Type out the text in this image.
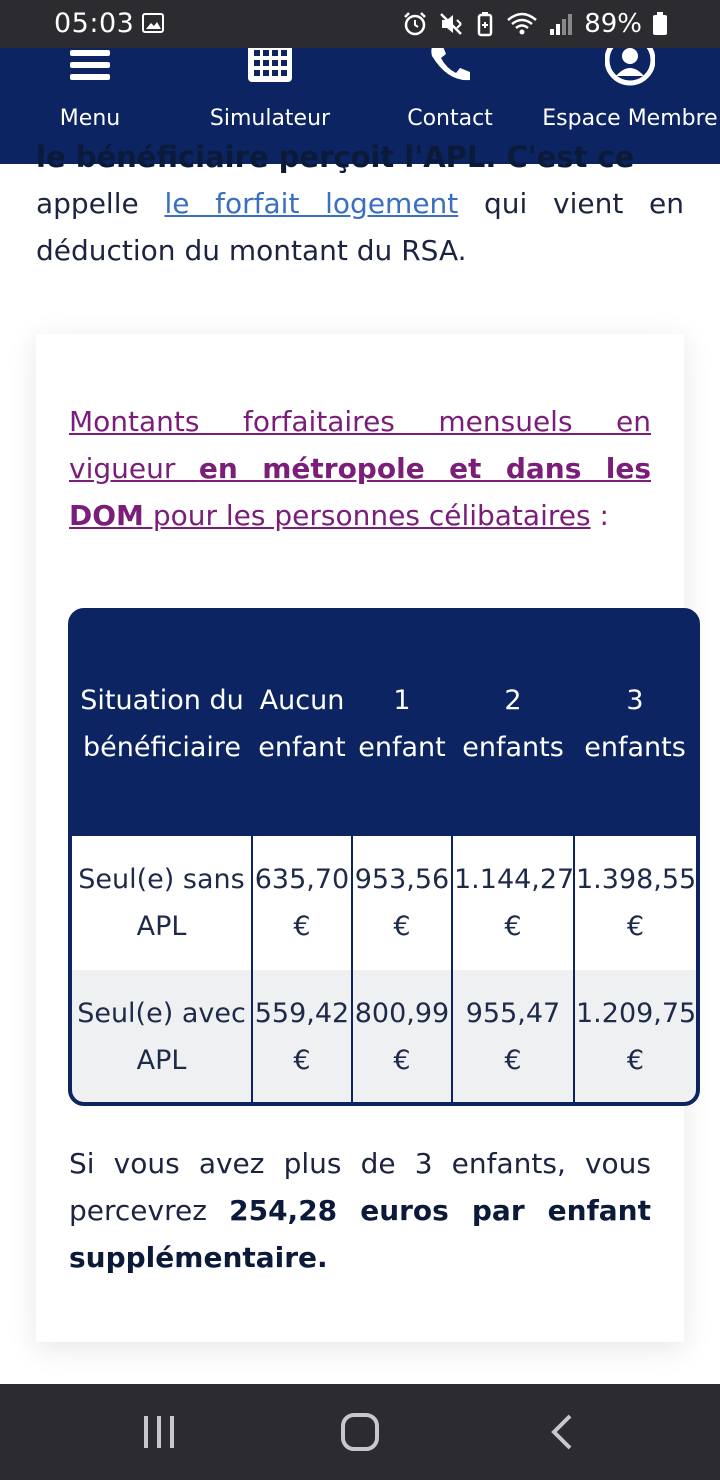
05:03	89%
Menu	Simulateur	Contact	Espace Membre
le bénéficiaire perçoit l'APL. C'est ce

appelle le forfait logement qui vient en déduction du montant du RSA.

Montants forfaitaires mensuels en vigueur en métropole et dans les DOM pour les personnes célibataires :

Situation du bénéficiaire	Aucun enfant	1 enfant	2 enfants	3 enfants
Seul(e) sans APL	635,70 €	953,56 €	1.144,27 €	1.398,55 €
Seul(e) avec APL	559,42 €	800,99 €	955,47 €	1.209,75 €

Si vous avez plus de 3 enfants, vous percevrez 254,28 euros par enfant supplémentaire.
